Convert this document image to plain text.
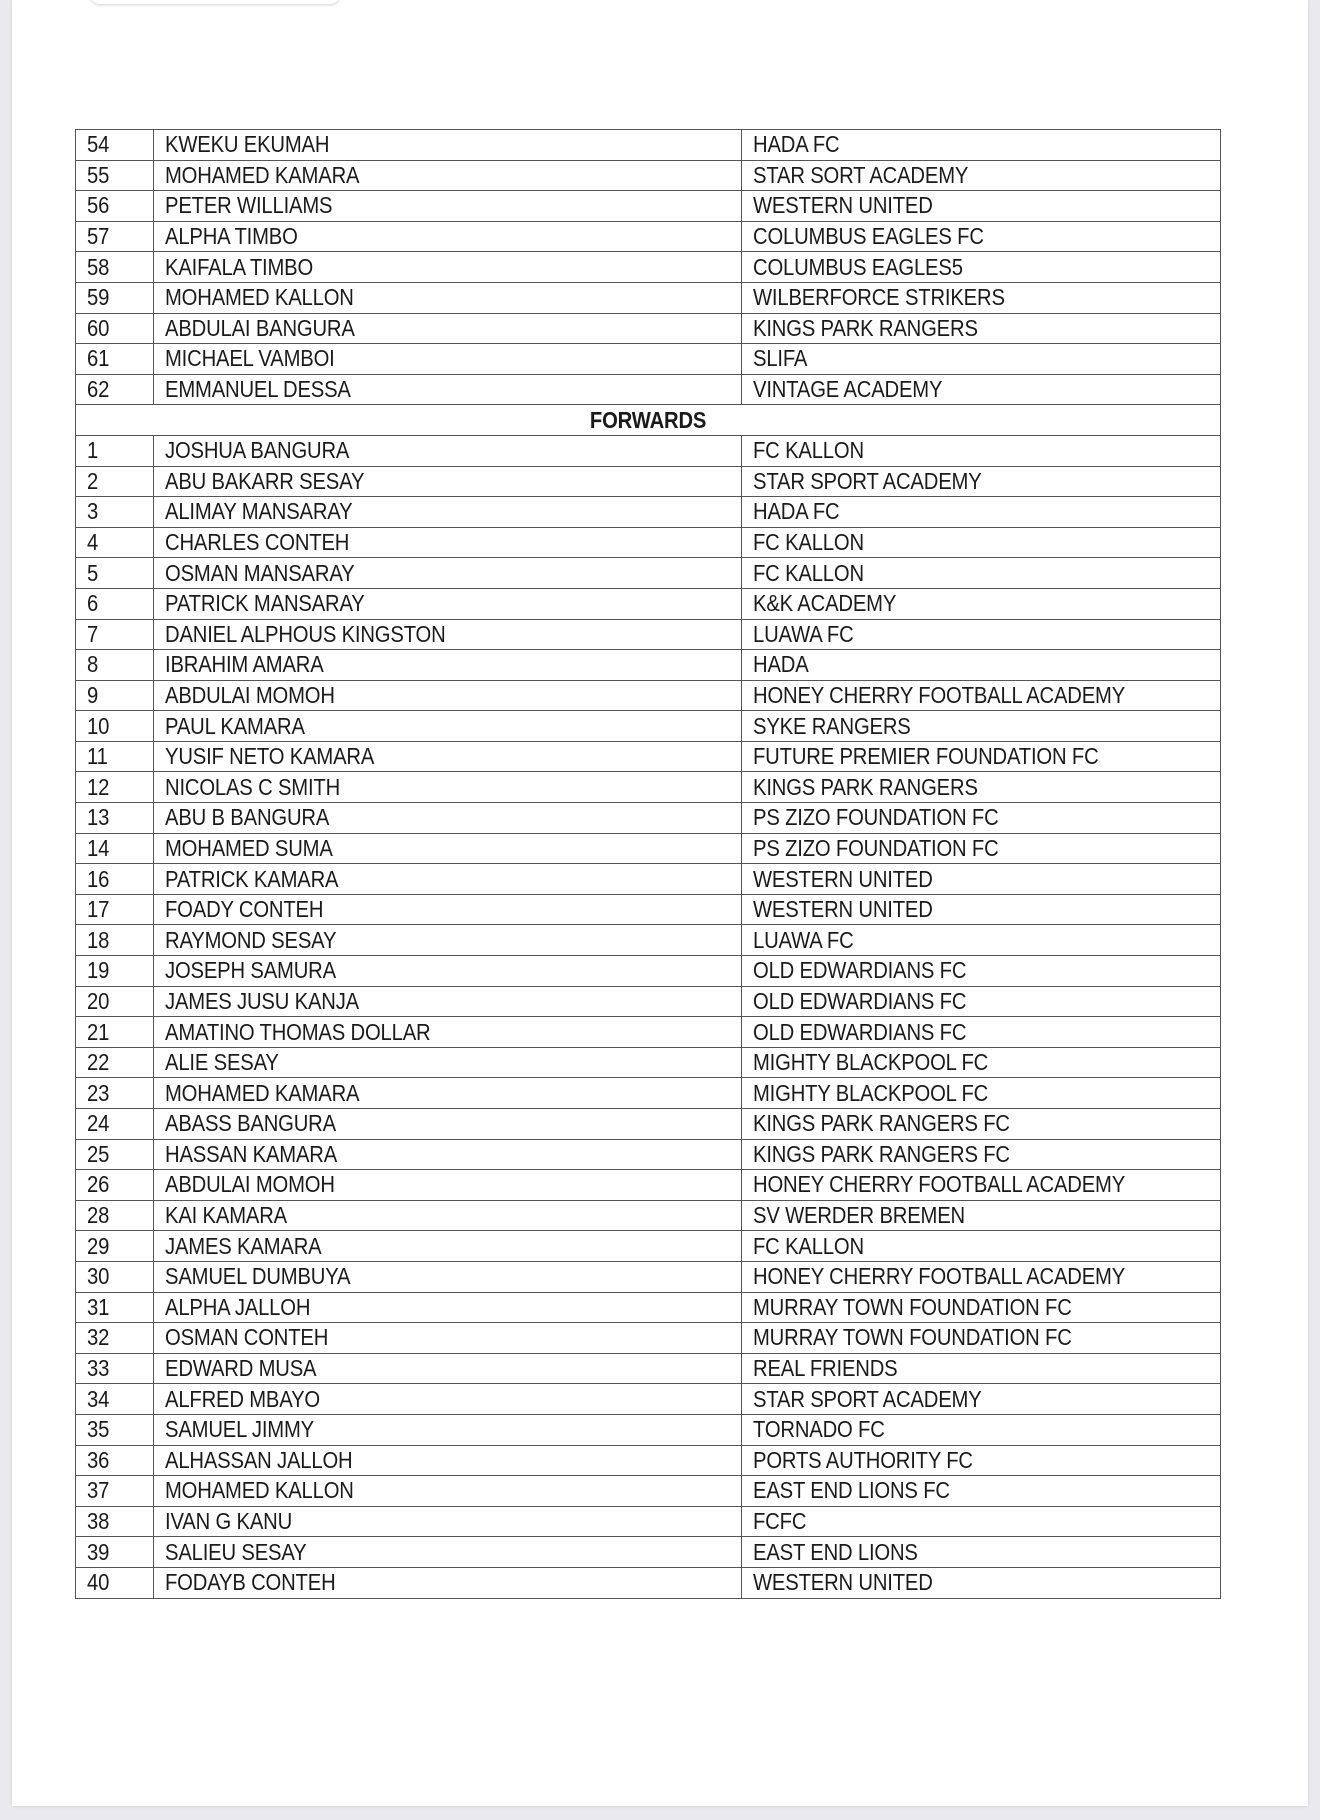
54	KWEKU EKUMAH	HADA FC
55	MOHAMED KAMARA	STAR SORT ACADEMY
56	PETER WILLIAMS	WESTERN UNITED
57	ALPHA TIMBO	COLUMBUS EAGLES FC
58	KAIFALA TIMBO	COLUMBUS EAGLES5
59	MOHAMED KALLON	WILBERFORCE STRIKERS
60	ABDULAI BANGURA	KINGS PARK RANGERS
61	MICHAEL VAMBOI	SLIFA
62	EMMANUEL DESSA	VINTAGE ACADEMY
	FORWARDS	
1	JOSHUA BANGURA	FC KALLON
2	ABU BAKARR SESAY	STAR SPORT ACADEMY
3	ALIMAY MANSARAY	HADA FC
4	CHARLES CONTEH	FC KALLON
5	OSMAN MANSARAY	FC KALLON
6	PATRICK MANSARAY	K&K ACADEMY
7	DANIEL ALPHOUS KINGSTON	LUAWA FC
8	IBRAHIM AMARA	HADA
9	ABDULAI MOMOH	HONEY CHERRY FOOTBALL ACADEMY
10	PAUL KAMARA	SYKE RANGERS
11	YUSIF NETO KAMARA	FUTURE PREMIER FOUNDATION FC
12	NICOLAS C SMITH	KINGS PARK RANGERS
13	ABU B BANGURA	PS ZIZO FOUNDATION FC
14	MOHAMED SUMA	PS ZIZO FOUNDATION FC
16	PATRICK KAMARA	WESTERN UNITED
17	FOADY CONTEH	WESTERN UNITED
18	RAYMOND SESAY	LUAWA FC
19	JOSEPH SAMURA	OLD EDWARDIANS FC
20	JAMES JUSU KANJA	OLD EDWARDIANS FC
21	AMATINO THOMAS DOLLAR	OLD EDWARDIANS FC
22	ALIE SESAY	MIGHTY BLACKPOOL FC
23	MOHAMED KAMARA	MIGHTY BLACKPOOL FC
24	ABASS BANGURA	KINGS PARK RANGERS FC
25	HASSAN KAMARA	KINGS PARK RANGERS FC
26	ABDULAI MOMOH	HONEY CHERRY FOOTBALL ACADEMY
28	KAI KAMARA	SV WERDER BREMEN
29	JAMES KAMARA	FC KALLON
30	SAMUEL DUMBUYA	HONEY CHERRY FOOTBALL ACADEMY
31	ALPHA JALLOH	MURRAY TOWN FOUNDATION FC
32	OSMAN CONTEH	MURRAY TOWN FOUNDATION FC
33	EDWARD MUSA	REAL FRIENDS
34	ALFRED MBAYO	STAR SPORT ACADEMY
35	SAMUEL JIMMY	TORNADO FC
36	ALHASSAN JALLOH	PORTS AUTHORITY FC
37	MOHAMED KALLON	EAST END LIONS FC
38	IVAN G KANU	FCFC
39	SALIEU SESAY	EAST END LIONS
40	FODAYB CONTEH	WESTERN UNITED
